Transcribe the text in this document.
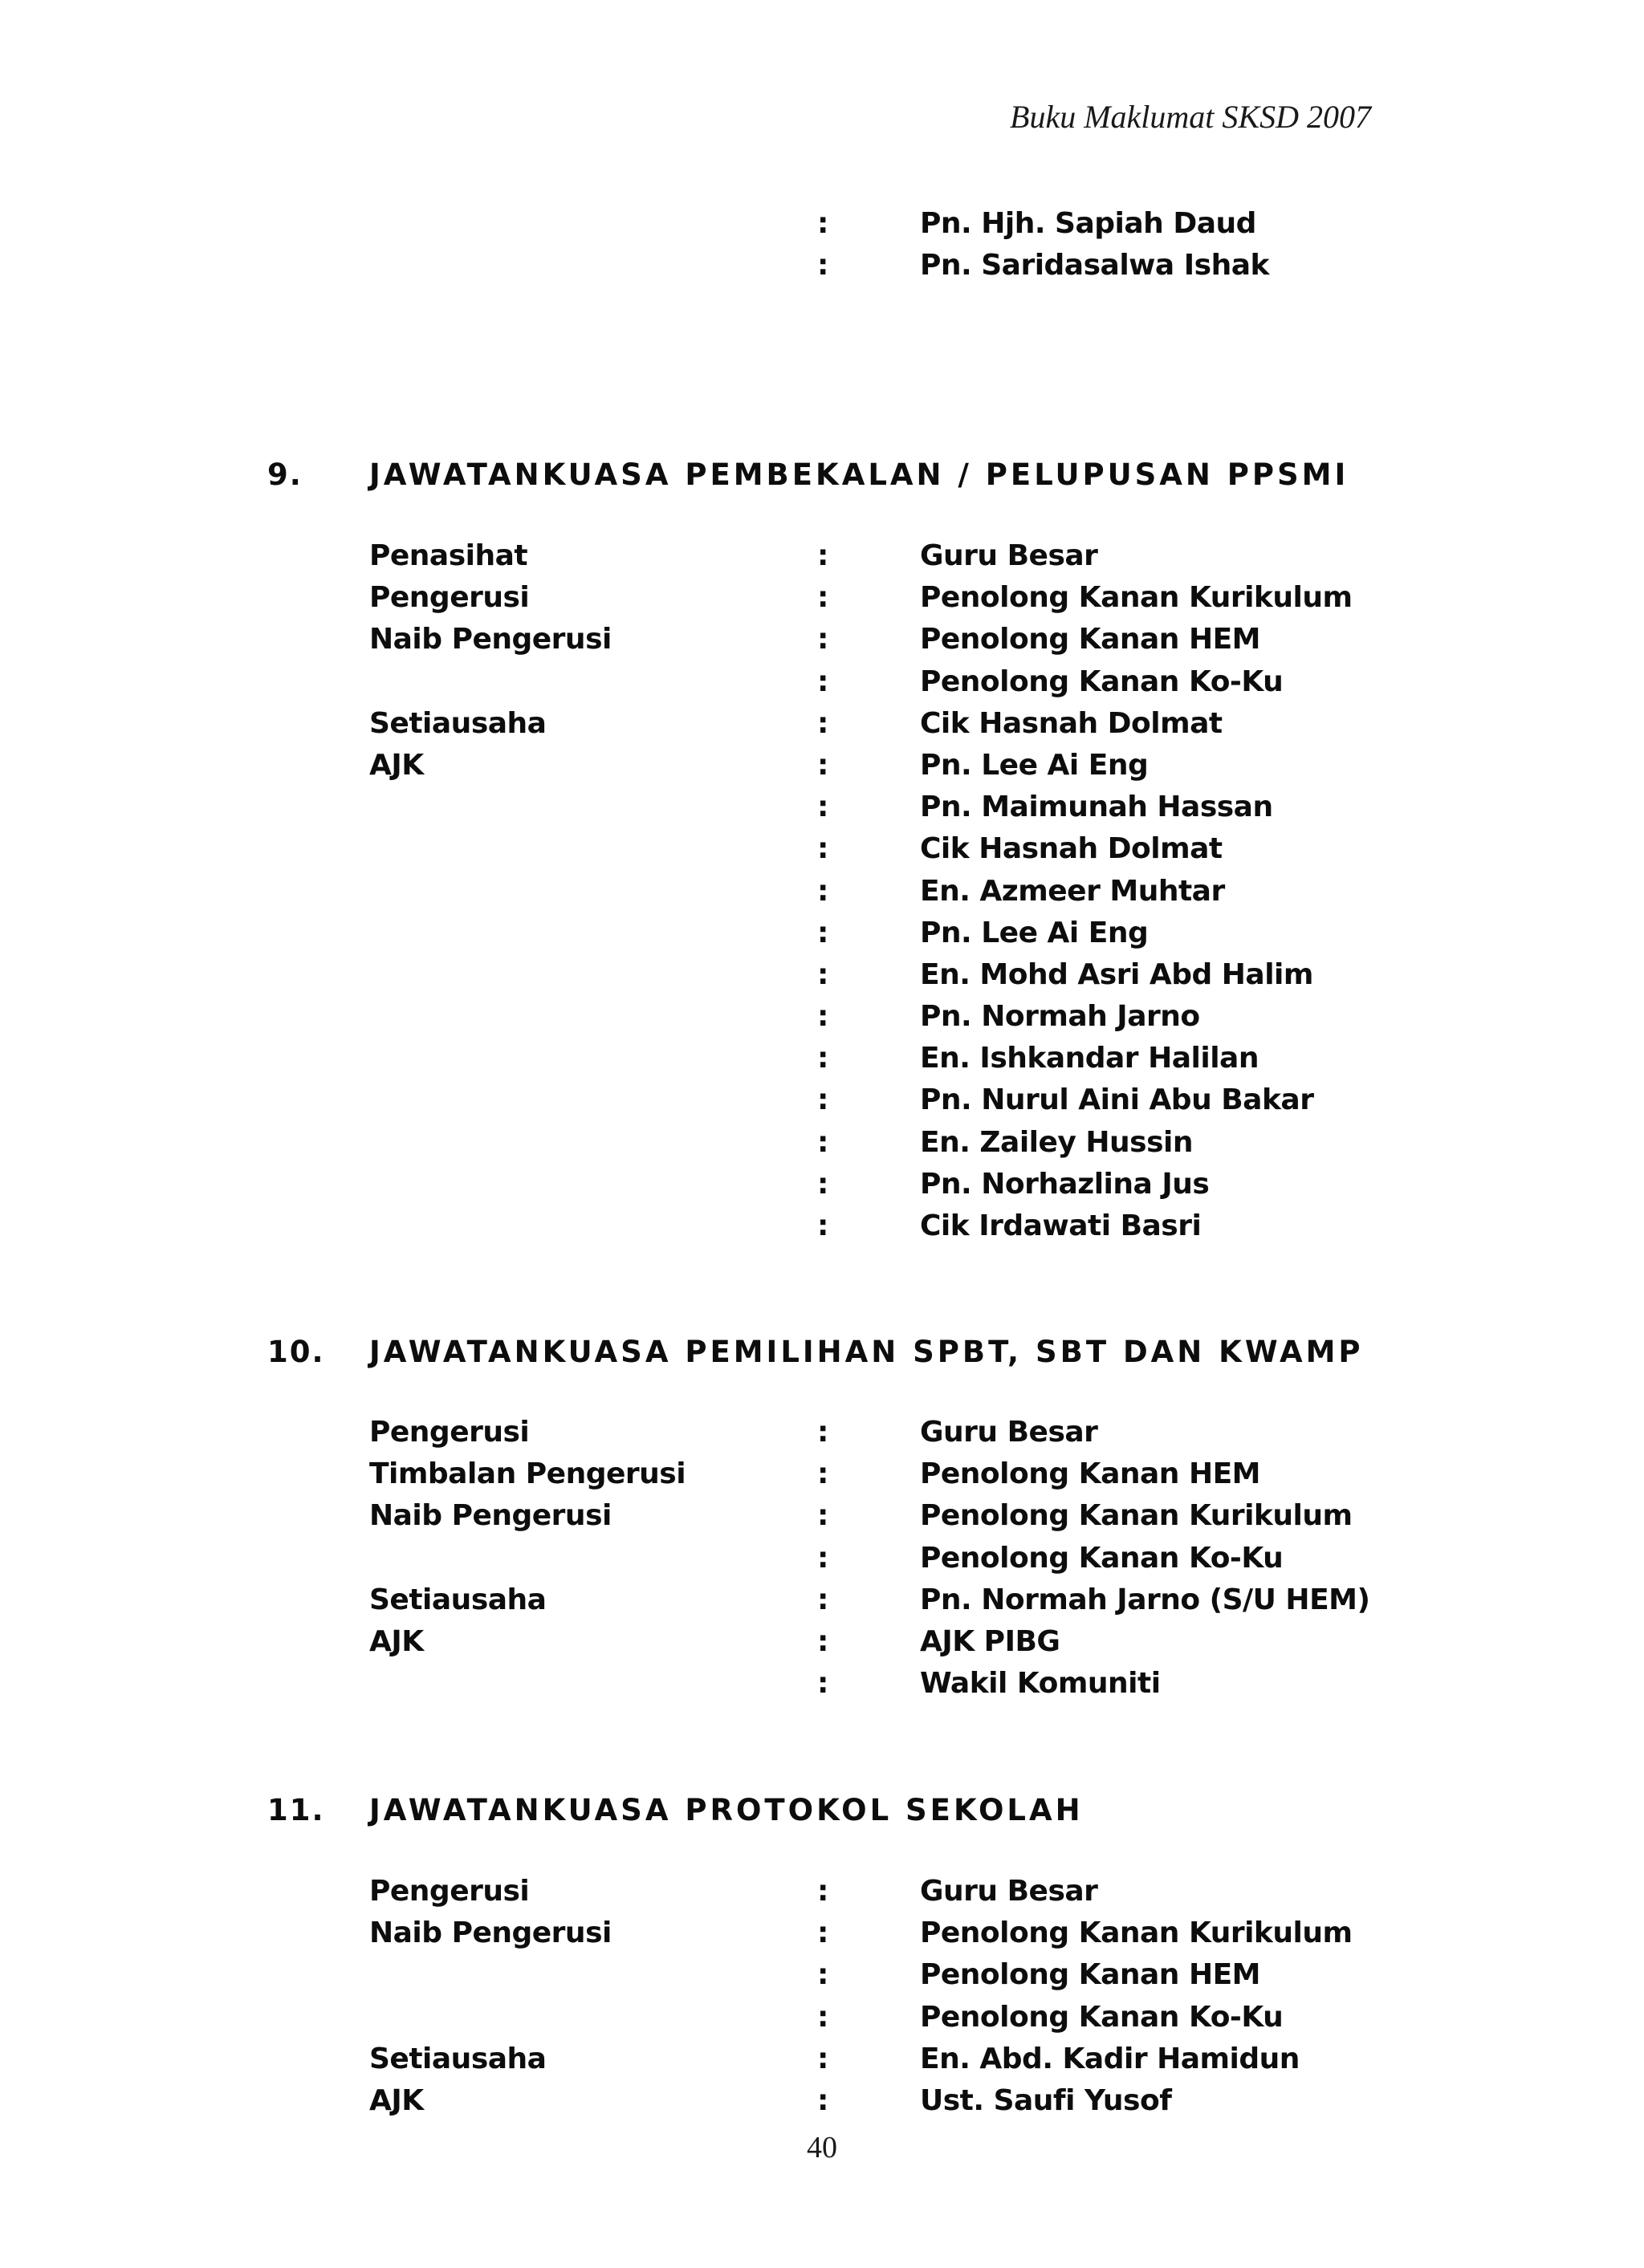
Buku Maklumat SKSD 2007
:	Pn. Hjh. Sapiah Daud
:	Pn. Saridasalwa Ishak
9. JAWATANKUASA PEMBEKALAN / PELUPUSAN PPSMI
Penasihat	:	Guru Besar
Pengerusi	:	Penolong Kanan Kurikulum
Naib Pengerusi	:	Penolong Kanan HEM
:	Penolong Kanan Ko-Ku
Setiausaha	:	Cik Hasnah Dolmat
AJK	:	Pn. Lee Ai Eng
:	Pn. Maimunah Hassan
:	Cik Hasnah Dolmat
:	En. Azmeer Muhtar
:	Pn. Lee Ai Eng
:	En. Mohd Asri Abd Halim
:	Pn. Normah Jarno
:	En. Ishkandar Halilan
:	Pn. Nurul Aini Abu Bakar
:	En. Zailey Hussin
:	Pn. Norhazlina Jus
:	Cik Irdawati Basri
10. JAWATANKUASA PEMILIHAN SPBT, SBT DAN KWAMP
Pengerusi	:	Guru Besar
Timbalan Pengerusi	:	Penolong Kanan HEM
Naib Pengerusi	:	Penolong Kanan Kurikulum
:	Penolong Kanan Ko-Ku
Setiausaha	:	Pn. Normah Jarno (S/U HEM)
AJK	:	AJK PIBG
:	Wakil Komuniti
11. JAWATANKUASA PROTOKOL SEKOLAH
Pengerusi	:	Guru Besar
Naib Pengerusi	:	Penolong Kanan Kurikulum
:	Penolong Kanan HEM
:	Penolong Kanan Ko-Ku
Setiausaha	:	En. Abd. Kadir Hamidun
AJK	:	Ust. Saufi Yusof
40
